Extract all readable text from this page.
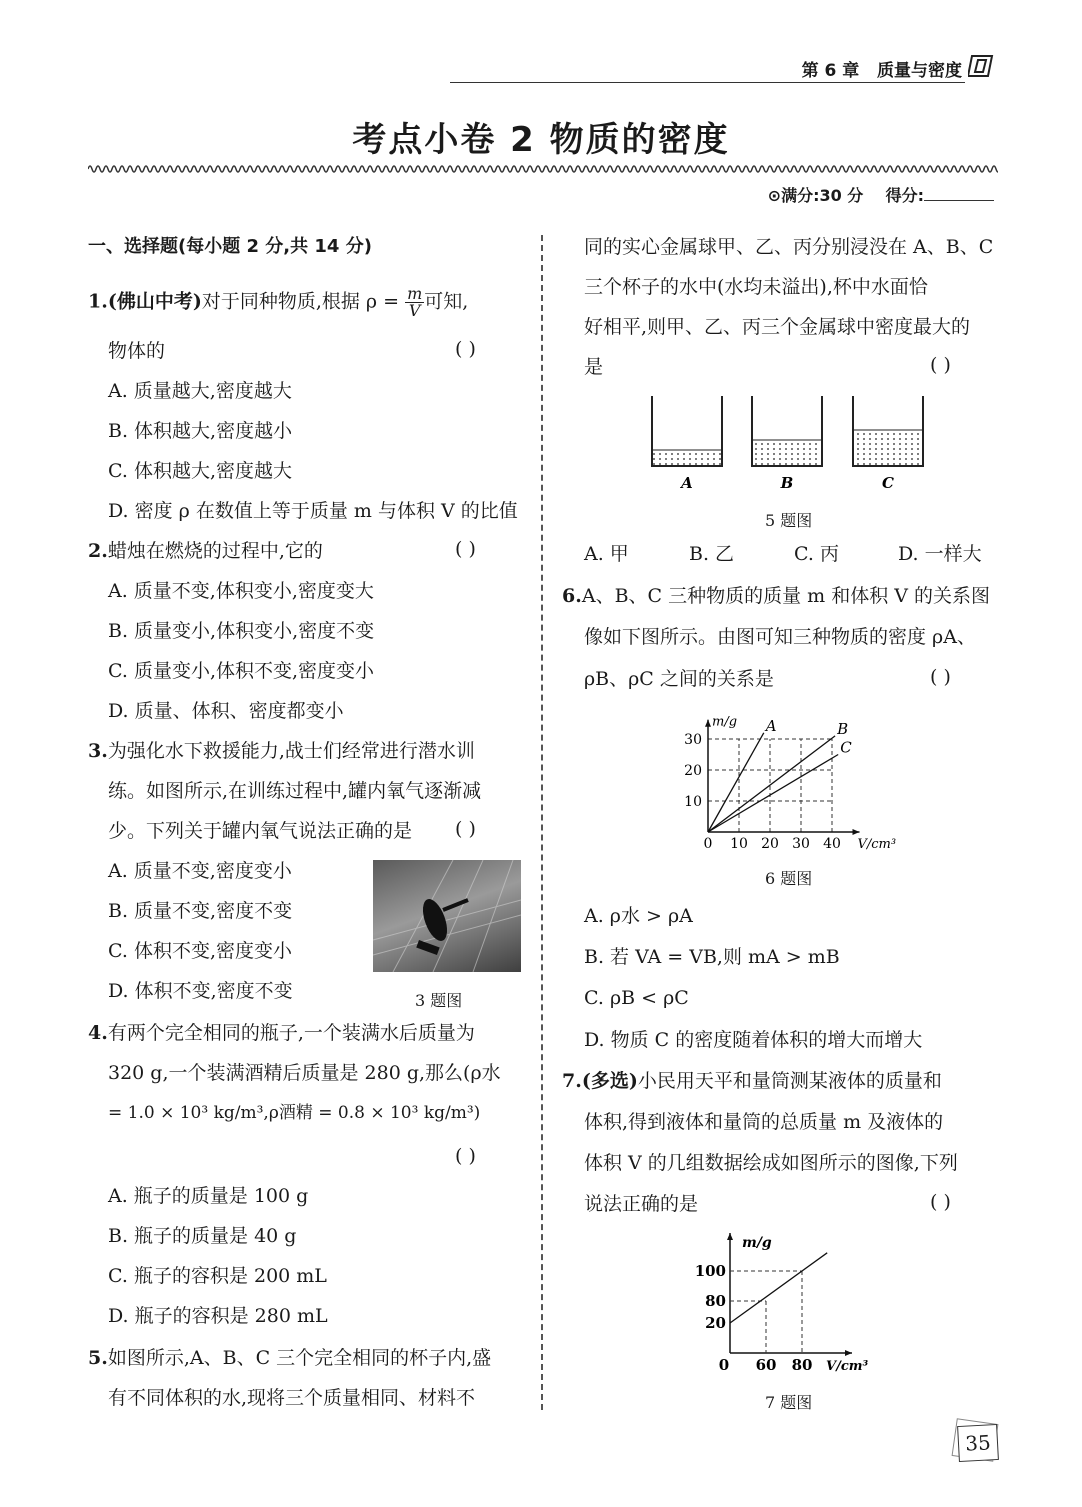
第 6 章 质量与密度
考点小卷 2 物质的密度
⊙满分:30 分 得分:
一、选择题(每小题 2 分,共 14 分)
1.(佛山中考)对于同种物质,根据 $\rho = \frac{m}{V}$ 可知,
物体的	( )
A. 质量越大,密度越大
B. 体积越大,密度越小
C. 体积越大,密度越大
D. 密度 ρ 在数值上等于质量 m 与体积 V 的比值
2.蜡烛在燃烧的过程中,它的	( )
A. 质量不变,体积变小,密度变大
B. 质量变小,体积变小,密度不变
C. 质量变小,体积不变,密度变小
D. 质量、体积、密度都变小
3.为强化水下救援能力,战士们经常进行潜水训
练。如图所示,在训练过程中,罐内氧气逐渐减
少。下列关于罐内氧气说法正确的是 ( )
A. 质量不变,密度变小
B. 质量不变,密度不变
C. 体积不变,密度变小
D. 体积不变,密度不变	3 题图
4.有两个完全相同的瓶子,一个装满水后质量为
320 g,一个装满酒精后质量是 280 g,那么(ρ水
= 1.0 × 10³ kg/m³,ρ酒精 = 0.8 × 10³ kg/m³)
( )
A. 瓶子的质量是 100 g
B. 瓶子的质量是 40 g
C. 瓶子的容积是 200 mL
D. 瓶子的容积是 280 mL
5.如图所示,A、B、C 三个完全相同的杯子内,盛
有不同体积的水,现将三个质量相同、材料不
同的实心金属球甲、乙、丙分别浸没在 A、B、C
三个杯子的水中(水均未溢出),杯中水面恰
好相平,则甲、乙、丙三个金属球中密度最大的
是	( )
A	B	C
5 题图
A. 甲	B. 乙	C. 丙	D. 一样大
6.A、B、C 三种物质的质量 m 和体积 V 的关系图
像如下图所示。由图可知三种物质的密度 ρA、
ρB、ρC 之间的关系是	( )
0 10 20 30 40
10
20
30
V/cm³
m/g A	B
C
6 题图
A. ρ水 > ρA
B. 若 VA = VB,则 mA > mB
C. ρB < ρC
D. 物质 C 的密度随着体积的增大而增大
7.(多选)小民用天平和量筒测某液体的质量和
体积,得到液体和量筒的总质量 m 及液体的
体积 V 的几组数据绘成如图所示的图像,下列
说法正确的是	( )
0 60 80
20
80
100
V/cm³
m/g
7 题图
35
